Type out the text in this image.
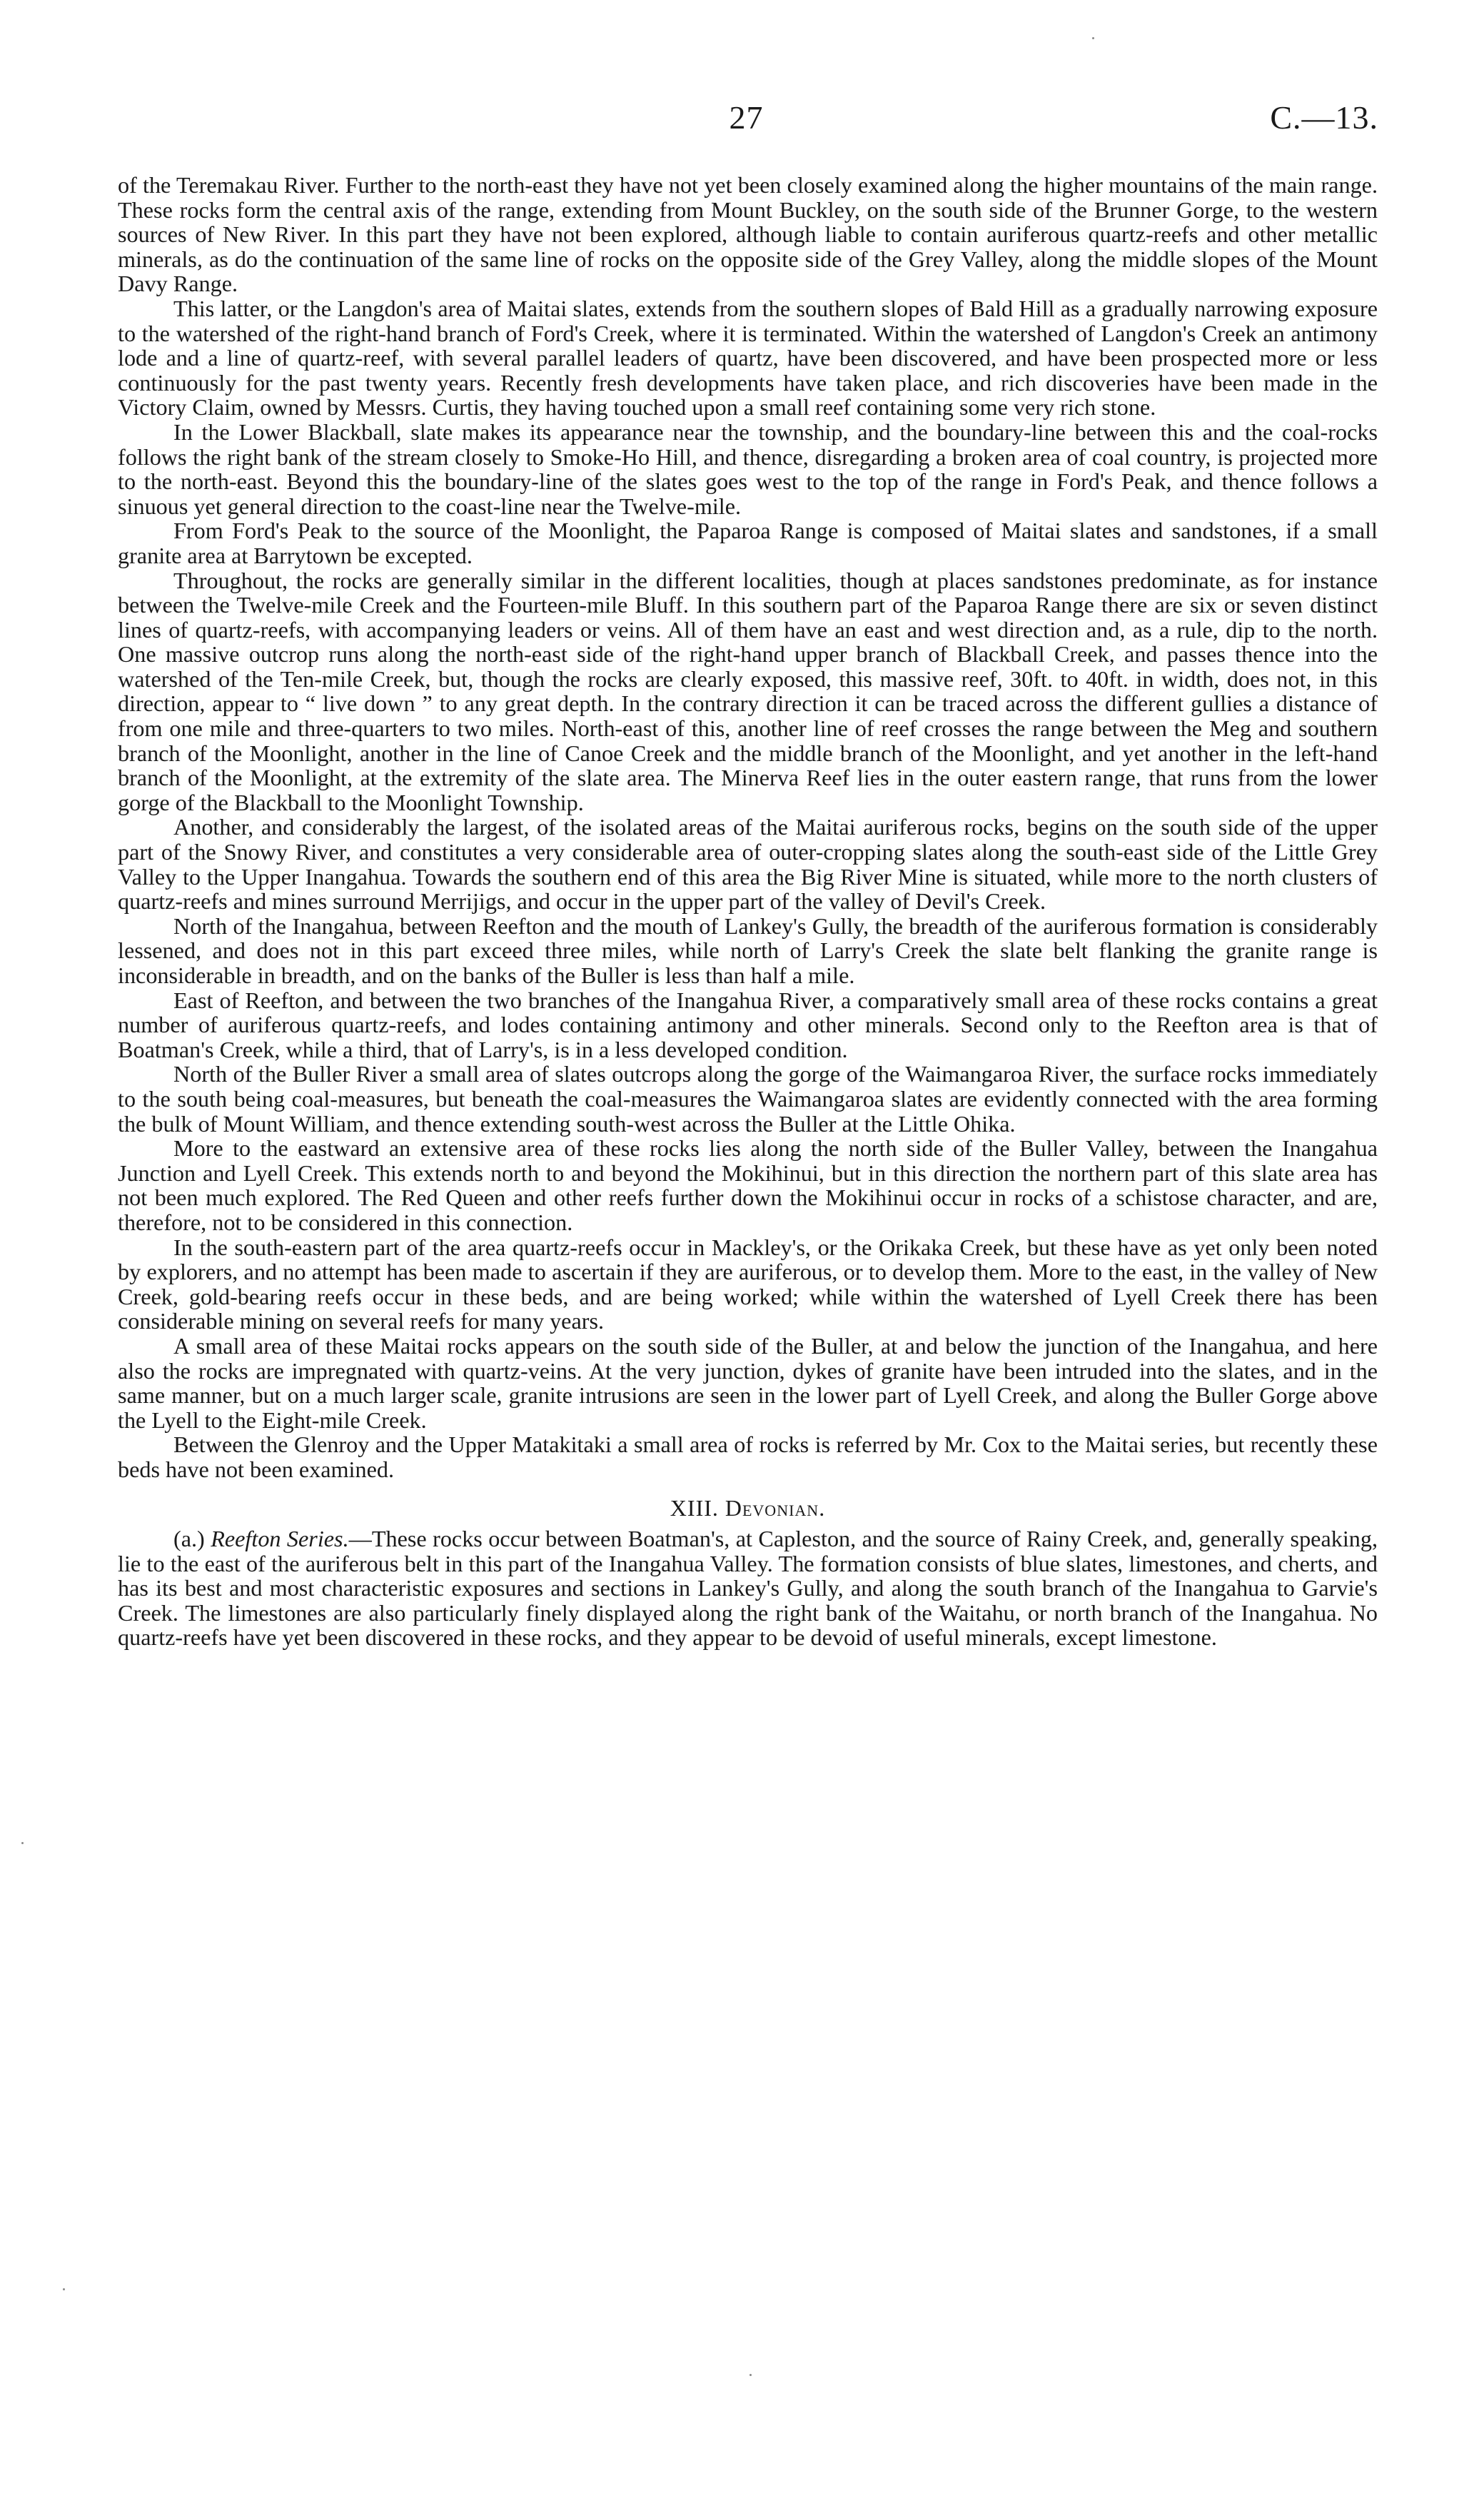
27	C.—13.

of the Teremakau River. Further to the north-east they have not yet been closely examined along the higher mountains of the main range. These rocks form the central axis of the range, extending from Mount Buckley, on the south side of the Brunner Gorge, to the western sources of New River. In this part they have not been explored, although liable to contain auriferous quartz-reefs and other metallic minerals, as do the continuation of the same line of rocks on the opposite side of the Grey Valley, along the middle slopes of the Mount Davy Range.

This latter, or the Langdon's area of Maitai slates, extends from the southern slopes of Bald Hill as a gradually narrowing exposure to the watershed of the right-hand branch of Ford's Creek, where it is terminated. Within the watershed of Langdon's Creek an antimony lode and a line of quartz-reef, with several parallel leaders of quartz, have been discovered, and have been prospected more or less continuously for the past twenty years. Recently fresh developments have taken place, and rich discoveries have been made in the Victory Claim, owned by Messrs. Curtis, they having touched upon a small reef containing some very rich stone.

In the Lower Blackball, slate makes its appearance near the township, and the boundary-line between this and the coal-rocks follows the right bank of the stream closely to Smoke-Ho Hill, and thence, disregarding a broken area of coal country, is projected more to the north-east. Beyond this the boundary-line of the slates goes west to the top of the range in Ford's Peak, and thence follows a sinuous yet general direction to the coast-line near the Twelve-mile.

From Ford's Peak to the source of the Moonlight, the Paparoa Range is composed of Maitai slates and sandstones, if a small granite area at Barrytown be excepted.

Throughout, the rocks are generally similar in the different localities, though at places sandstones predominate, as for instance between the Twelve-mile Creek and the Fourteen-mile Bluff. In this southern part of the Paparoa Range there are six or seven distinct lines of quartz-reefs, with accompanying leaders or veins. All of them have an east and west direction and, as a rule, dip to the north. One massive outcrop runs along the north-east side of the right-hand upper branch of Blackball Creek, and passes thence into the watershed of the Ten-mile Creek, but, though the rocks are clearly exposed, this massive reef, 30ft. to 40ft. in width, does not, in this direction, appear to “ live down ” to any great depth. In the contrary direction it can be traced across the different gullies a distance of from one mile and three-quarters to two miles. North-east of this, another line of reef crosses the range between the Meg and southern branch of the Moonlight, another in the line of Canoe Creek and the middle branch of the Moonlight, and yet another in the left-hand branch of the Moonlight, at the extremity of the slate area. The Minerva Reef lies in the outer eastern range, that runs from the lower gorge of the Blackball to the Moonlight Township.

Another, and considerably the largest, of the isolated areas of the Maitai auriferous rocks, begins on the south side of the upper part of the Snowy River, and constitutes a very considerable area of outer-cropping slates along the south-east side of the Little Grey Valley to the Upper Inangahua. Towards the southern end of this area the Big River Mine is situated, while more to the north clusters of quartz-reefs and mines surround Merrijigs, and occur in the upper part of the valley of Devil's Creek.

North of the Inangahua, between Reefton and the mouth of Lankey's Gully, the breadth of the auriferous formation is considerably lessened, and does not in this part exceed three miles, while north of Larry's Creek the slate belt flanking the granite range is inconsiderable in breadth, and on the banks of the Buller is less than half a mile.

East of Reefton, and between the two branches of the Inangahua River, a comparatively small area of these rocks contains a great number of auriferous quartz-reefs, and lodes containing antimony and other minerals. Second only to the Reefton area is that of Boatman's Creek, while a third, that of Larry's, is in a less developed condition.

North of the Buller River a small area of slates outcrops along the gorge of the Waimangaroa River, the surface rocks immediately to the south being coal-measures, but beneath the coal-measures the Waimangaroa slates are evidently connected with the area forming the bulk of Mount William, and thence extending south-west across the Buller at the Little Ohika.

More to the eastward an extensive area of these rocks lies along the north side of the Buller Valley, between the Inangahua Junction and Lyell Creek. This extends north to and beyond the Mokihinui, but in this direction the northern part of this slate area has not been much explored. The Red Queen and other reefs further down the Mokihinui occur in rocks of a schistose character, and are, therefore, not to be considered in this connection.

In the south-eastern part of the area quartz-reefs occur in Mackley's, or the Orikaka Creek, but these have as yet only been noted by explorers, and no attempt has been made to ascertain if they are auriferous, or to develop them. More to the east, in the valley of New Creek, gold-bearing reefs occur in these beds, and are being worked; while within the watershed of Lyell Creek there has been considerable mining on several reefs for many years.

A small area of these Maitai rocks appears on the south side of the Buller, at and below the junction of the Inangahua, and here also the rocks are impregnated with quartz-veins. At the very junction, dykes of granite have been intruded into the slates, and in the same manner, but on a much larger scale, granite intrusions are seen in the lower part of Lyell Creek, and along the Buller Gorge above the Lyell to the Eight-mile Creek.

Between the Glenroy and the Upper Matakitaki a small area of rocks is referred by Mr. Cox to the Maitai series, but recently these beds have not been examined.

XIII. Devonian.

(a.) Reefton Series.—These rocks occur between Boatman's, at Capleston, and the source of Rainy Creek, and, generally speaking, lie to the east of the auriferous belt in this part of the Inangahua Valley. The formation consists of blue slates, limestones, and cherts, and has its best and most characteristic exposures and sections in Lankey's Gully, and along the south branch of the Inangahua to Garvie's Creek. The limestones are also particularly finely displayed along the right bank of the Waitahu, or north branch of the Inangahua. No quartz-reefs have yet been discovered in these rocks, and they appear to be devoid of useful minerals, except limestone.
